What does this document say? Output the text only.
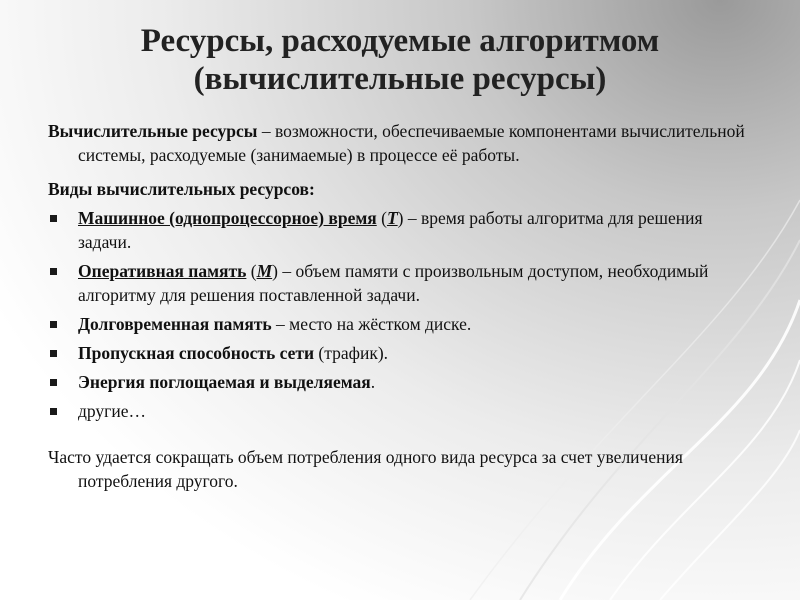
Ресурсы, расходуемые алгоритмом
(вычислительные ресурсы)

Вычислительные ресурсы – возможности, обеспечиваемые компонентами вычислительной системы, расходуемые (занимаемые) в процессе её работы.

Виды вычислительных ресурсов:

Машинное (однопроцессорное) время (T) – время работы алгоритма для решения задачи.
Оперативная память (M) – объем памяти с произвольным доступом, необходимый алгоритму для решения поставленной задачи.
Долговременная память – место на жёстком диске.
Пропускная способность сети (трафик).
Энергия поглощаемая и выделяемая.
другие…

Часто удается сокращать объем потребления одного вида ресурса за счет увеличения потребления другого.
